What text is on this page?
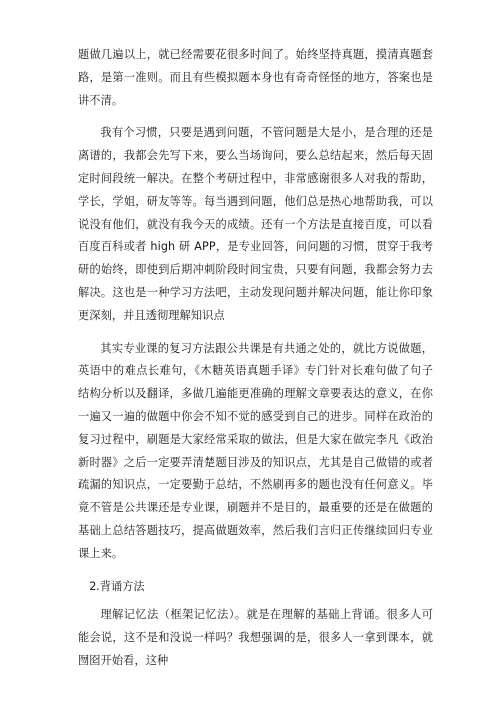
题做几遍以上，就已经需要花很多时间了。始终坚持真题，摸清真题套路，是第一准则。而且有些模拟题本身也有奇奇怪怪的地方，答案也是讲不清。

我有个习惯，只要是遇到问题，不管问题是大是小，是合理的还是离谱的，我都会先写下来，要么当场询问，要么总结起来，然后每天固定时间段统一解决。在整个考研过程中，非常感谢很多人对我的帮助，学长，学姐，研友等等。每当遇到问题，他们总是热心地帮助我，可以说没有他们，就没有我今天的成绩。还有一个方法是直接百度，可以看百度百科或者 high 研 APP，是专业回答，问问题的习惯，贯穿于我考研的始终，即使到后期冲刺阶段时间宝贵，只要有问题，我都会努力去解决。这也是一种学习方法吧，主动发现问题并解决问题，能让你印象更深刻，并且透彻理解知识点

其实专业课的复习方法跟公共课是有共通之处的，就比方说做题，英语中的难点长难句，《木糖英语真题手译》专门针对长难句做了句子结构分析以及翻译，多做几遍能更准确的理解文章要表达的意义，在你一遍又一遍的做题中你会不知不觉的感受到自己的进步。同样在政治的复习过程中，刷题是大家经常采取的做法，但是大家在做完李凡《政治新时器》之后一定要弄清楚题目涉及的知识点，尤其是自己做错的或者疏漏的知识点，一定要勤于总结，不然刷再多的题也没有任何意义。毕竟不管是公共课还是专业课，刷题并不是目的，最重要的还是在做题的基础上总结答题技巧，提高做题效率，然后我们言归正传继续回归专业课上来。

2.背诵方法

理解记忆法（框架记忆法）。就是在理解的基础上背诵。很多人可能会说，这不是和没说一样吗？我想强调的是，很多人一拿到课本，就囫囵开始看，这种
